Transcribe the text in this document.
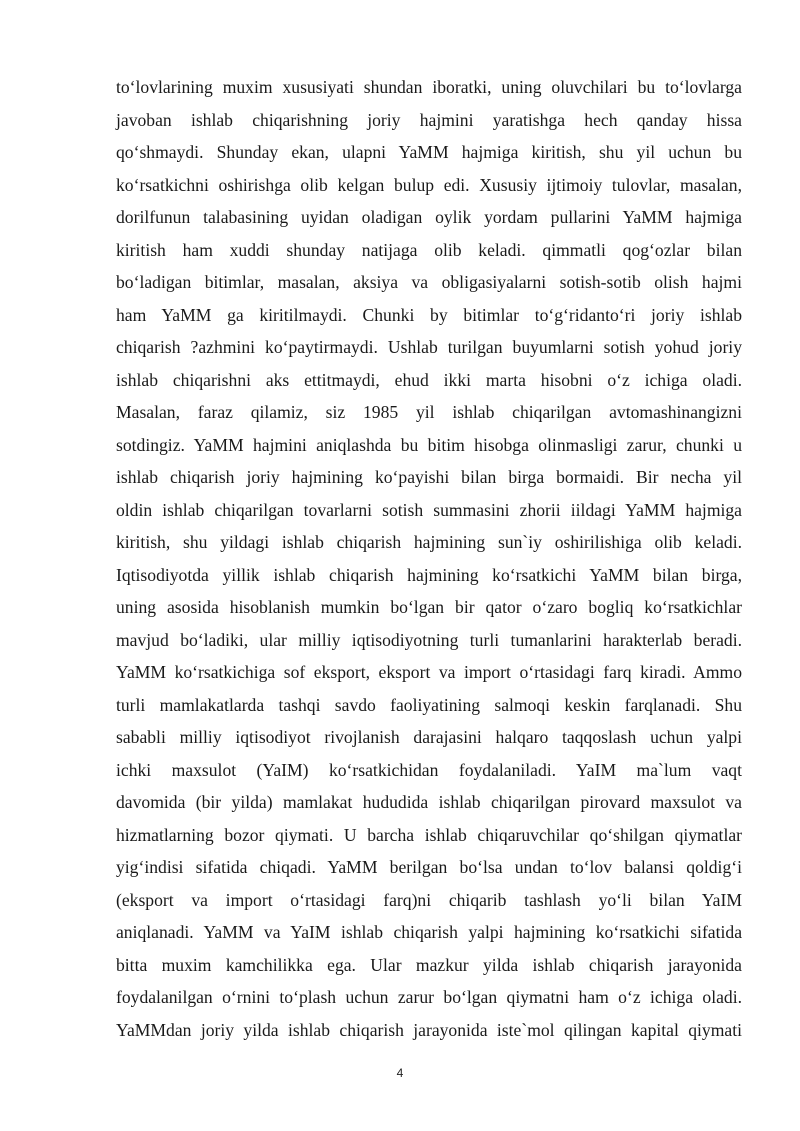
to‘lovlarining muxim xususiyati shundan iboratki, uning oluvchilari bu to‘lovlarga
javoban ishlab chiqarishning joriy hajmini yaratishga hech qanday hissa
qo‘shmaydi. Shunday ekan, ulapni YaMM hajmiga kiritish, shu yil uchun bu
ko‘rsatkichni oshirishga olib kelgan bulup edi. Xususiy ijtimoiy tulovlar, masalan,
dorilfunun talabasining uyidan oladigan oylik yordam pullarini YaMM hajmiga
kiritish ham xuddi shunday natijaga olib keladi. qimmatli qog‘ozlar bilan
bo‘ladigan bitimlar, masalan, aksiya va obligasiyalarni sotish-sotib olish hajmi
ham YaMM ga kiritilmaydi. Chunki by bitimlar to‘g‘ridanto‘ri joriy ishlab
chiqarish ?azhmini ko‘paytirmaydi. Ushlab turilgan buyumlarni sotish yohud joriy
ishlab chiqarishni aks ettitmaydi, ehud ikki marta hisobni o‘z ichiga oladi.
Masalan, faraz qilamiz, siz 1985 yil ishlab chiqarilgan avtomashinangizni
sotdingiz. YaMM hajmini aniqlashda bu bitim hisobga olinmasligi zarur, chunki u
ishlab chiqarish joriy hajmining ko‘payishi bilan birga bormaidi. Bir necha yil
oldin ishlab chiqarilgan tovarlarni sotish summasini zhorii iildagi YaMM hajmiga
kiritish, shu yildagi ishlab chiqarish hajmining sun`iy oshirilishiga olib keladi.
Iqtisodiyotda yillik ishlab chiqarish hajmining ko‘rsatkichi YaMM bilan birga,
uning asosida hisoblanish mumkin bo‘lgan bir qator o‘zaro bogliq ko‘rsatkichlar
mavjud bo‘ladiki, ular milliy iqtisodiyotning turli tumanlarini harakterlab beradi.
YaMM ko‘rsatkichiga sof eksport, eksport va import o‘rtasidagi farq kiradi. Ammo
turli mamlakatlarda tashqi savdo faoliyatining salmoqi keskin farqlanadi. Shu
sababli milliy iqtisodiyot rivojlanish darajasini halqaro taqqoslash uchun yalpi
ichki maxsulot (YaIM) ko‘rsatkichidan foydalaniladi. YaIM ma`lum vaqt
davomida (bir yilda) mamlakat hududida ishlab chiqarilgan pirovard maxsulot va
hizmatlarning bozor qiymati. U barcha ishlab chiqaruvchilar qo‘shilgan qiymatlar
yig‘indisi sifatida chiqadi. YaMM berilgan bo‘lsa undan to‘lov balansi qoldig‘i
(eksport va import o‘rtasidagi farq)ni chiqarib tashlash yo‘li bilan YaIM
aniqlanadi. YaMM va YaIM ishlab chiqarish yalpi hajmining ko‘rsatkichi sifatida
bitta muxim kamchilikka ega. Ular mazkur yilda ishlab chiqarish jarayonida
foydalanilgan o‘rnini to‘plash uchun zarur bo‘lgan qiymatni ham o‘z ichiga oladi.
YaMMdan joriy yilda ishlab chiqarish jarayonida iste`mol qilingan kapital qiymati
4
